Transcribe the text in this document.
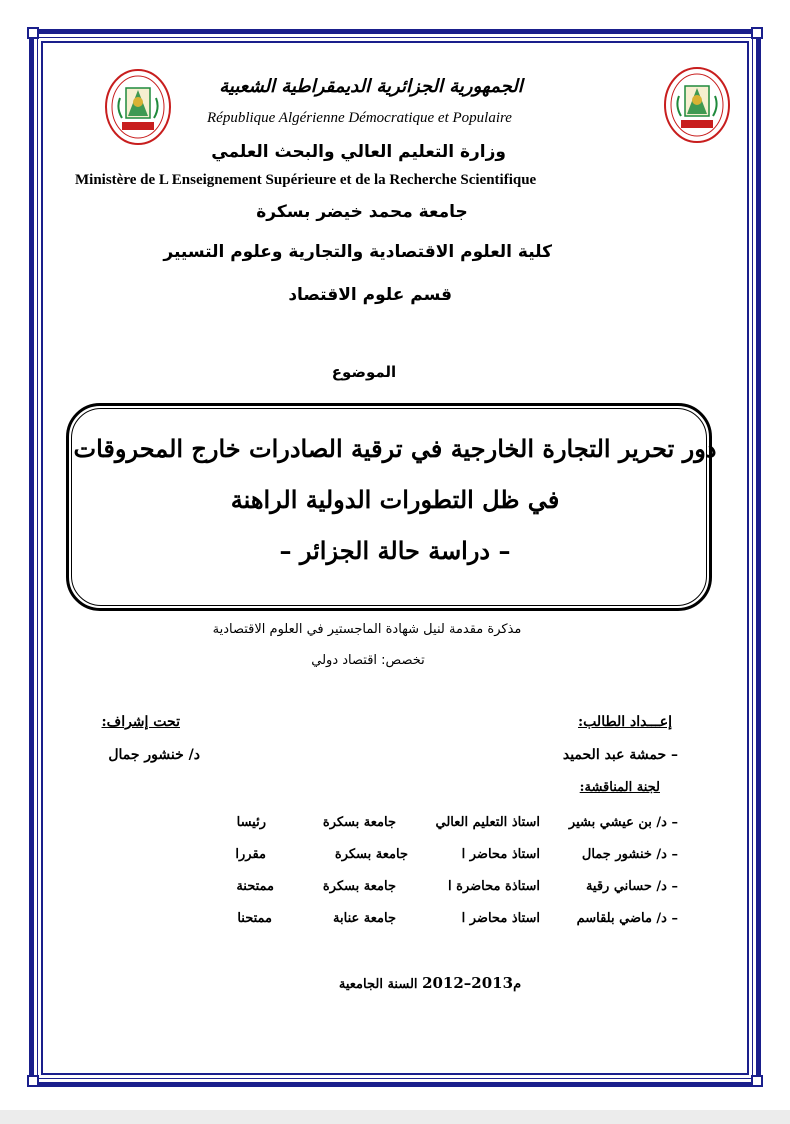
الجمهورية الجزائرية الديمقراطية الشعبية
République Algérienne Démocratique et Populaire
وزارة التعليم العالي والبحث العلمي
Ministère de L Enseignement Supérieure et de la Recherche Scientifique
جامعة محمد خيضر بسكرة
كلية العلوم الاقتصادية والتجارية وعلوم التسيير
قسم علوم الاقتصاد
الموضوع
دور تحرير التجارة الخارجية في ترقية الصادرات خارج المحروقات
في ظل التطورات الدولية الراهنة
– دراسة حالة الجزائر –
مذكرة مقدمة لنيل شهادة الماجستير في العلوم الاقتصادية
تخصص: اقتصاد دولي
إعـــداد الطالب:
– حمشة عبد الحميد
تحت إشراف:
د/ خنشور جمال
لجنة المناقشة:
– د/ بن عيشي بشير
استاذ التعليم العالي
جامعة بسكرة
رئيسا
– د/ خنشور جمال
استاذ محاضر ا
جامعة بسكرة
مقررا
– د/ حساني رقية
استاذة محاضرة ا
جامعة بسكرة
ممتحنة
– د/ ماضي بلقاسم
استاذ محاضر ا
جامعة عنابة
ممتحنا
السنة الجامعية 2012–2013م
